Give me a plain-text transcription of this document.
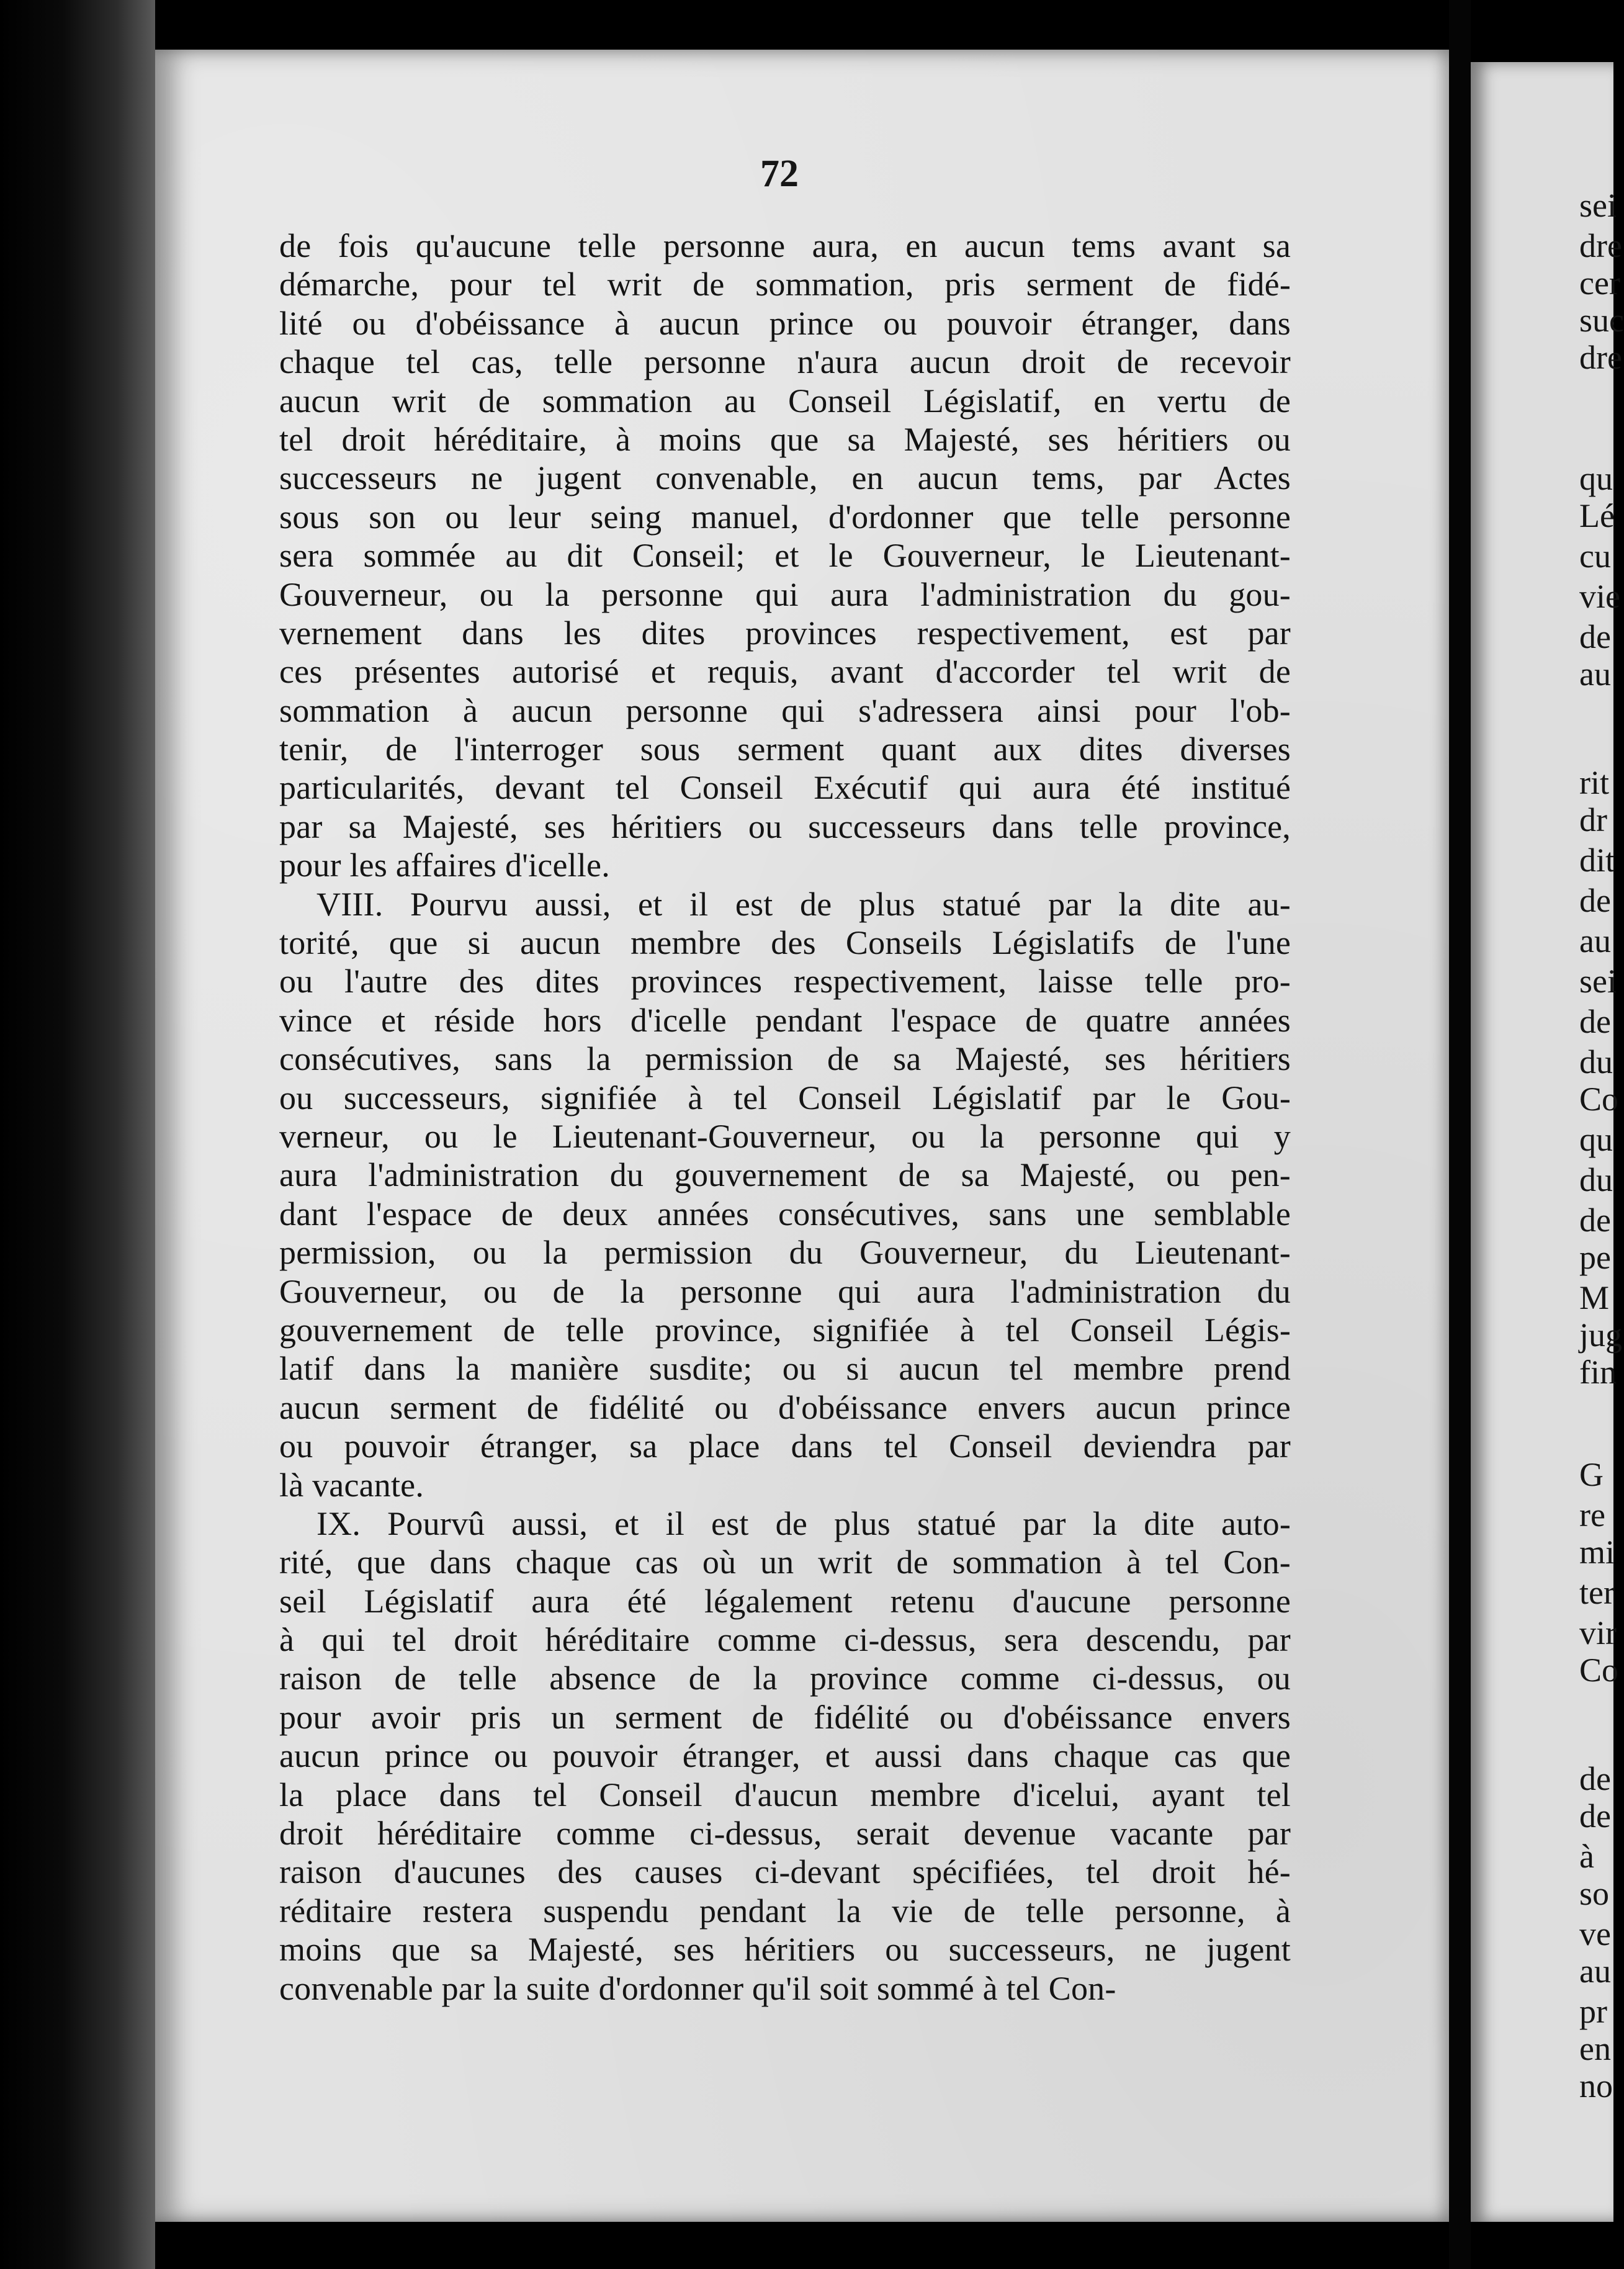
sei
dre
cer
suc
dre
qu
Lé
cu
vie
de
au
rit
dr
dit
de
au
sei
de
du
Co
qu
du
de
pe
M
jug
fin
G
re
mi
ter
vir
Co
de
de
à
so
ve
au
pr
en
no
72
de fois qu'aucune telle personne aura, en aucun tems avant sa
démarche, pour tel writ de sommation, pris serment de fidé-
lité ou d'obéissance à aucun prince ou pouvoir étranger, dans
chaque tel cas, telle personne n'aura aucun droit de recevoir
aucun writ de sommation au Conseil Législatif, en vertu de
tel droit héréditaire, à moins que sa Majesté, ses héritiers ou
successeurs ne jugent convenable, en aucun tems, par Actes
sous son ou leur seing manuel, d'ordonner que telle personne
sera sommée au dit Conseil; et le Gouverneur, le Lieutenant-
Gouverneur, ou la personne qui aura l'administration du gou-
vernement dans les dites provinces respectivement, est par
ces présentes autorisé et requis, avant d'accorder tel writ de
sommation à aucun personne qui s'adressera ainsi pour l'ob-
tenir, de l'interroger sous serment quant aux dites diverses
particularités, devant tel Conseil Exécutif qui aura été institué
par sa Majesté, ses héritiers ou successeurs dans telle province,
pour les affaires d'icelle.
VIII. Pourvu aussi, et il est de plus statué par la dite au-
torité, que si aucun membre des Conseils Législatifs de l'une
ou l'autre des dites provinces respectivement, laisse telle pro-
vince et réside hors d'icelle pendant l'espace de quatre années
consécutives, sans la permission de sa Majesté, ses héritiers
ou successeurs, signifiée à tel Conseil Législatif par le Gou-
verneur, ou le Lieutenant-Gouverneur, ou la personne qui y
aura l'administration du gouvernement de sa Majesté, ou pen-
dant l'espace de deux années consécutives, sans une semblable
permission, ou la permission du Gouverneur, du Lieutenant-
Gouverneur, ou de la personne qui aura l'administration du
gouvernement de telle province, signifiée à tel Conseil Légis-
latif dans la manière susdite; ou si aucun tel membre prend
aucun serment de fidélité ou d'obéissance envers aucun prince
ou pouvoir étranger, sa place dans tel Conseil deviendra par
là vacante.
IX. Pourvû aussi, et il est de plus statué par la dite auto-
rité, que dans chaque cas où un writ de sommation à tel Con-
seil Législatif aura été légalement retenu d'aucune personne
à qui tel droit héréditaire comme ci-dessus, sera descendu, par
raison de telle absence de la province comme ci-dessus, ou
pour avoir pris un serment de fidélité ou d'obéissance envers
aucun prince ou pouvoir étranger, et aussi dans chaque cas que
la place dans tel Conseil d'aucun membre d'icelui, ayant tel
droit héréditaire comme ci-dessus, serait devenue vacante par
raison d'aucunes des causes ci-devant spécifiées, tel droit hé-
réditaire restera suspendu pendant la vie de telle personne, à
moins que sa Majesté, ses héritiers ou successeurs, ne jugent
convenable par la suite d'ordonner qu'il soit sommé à tel Con-
